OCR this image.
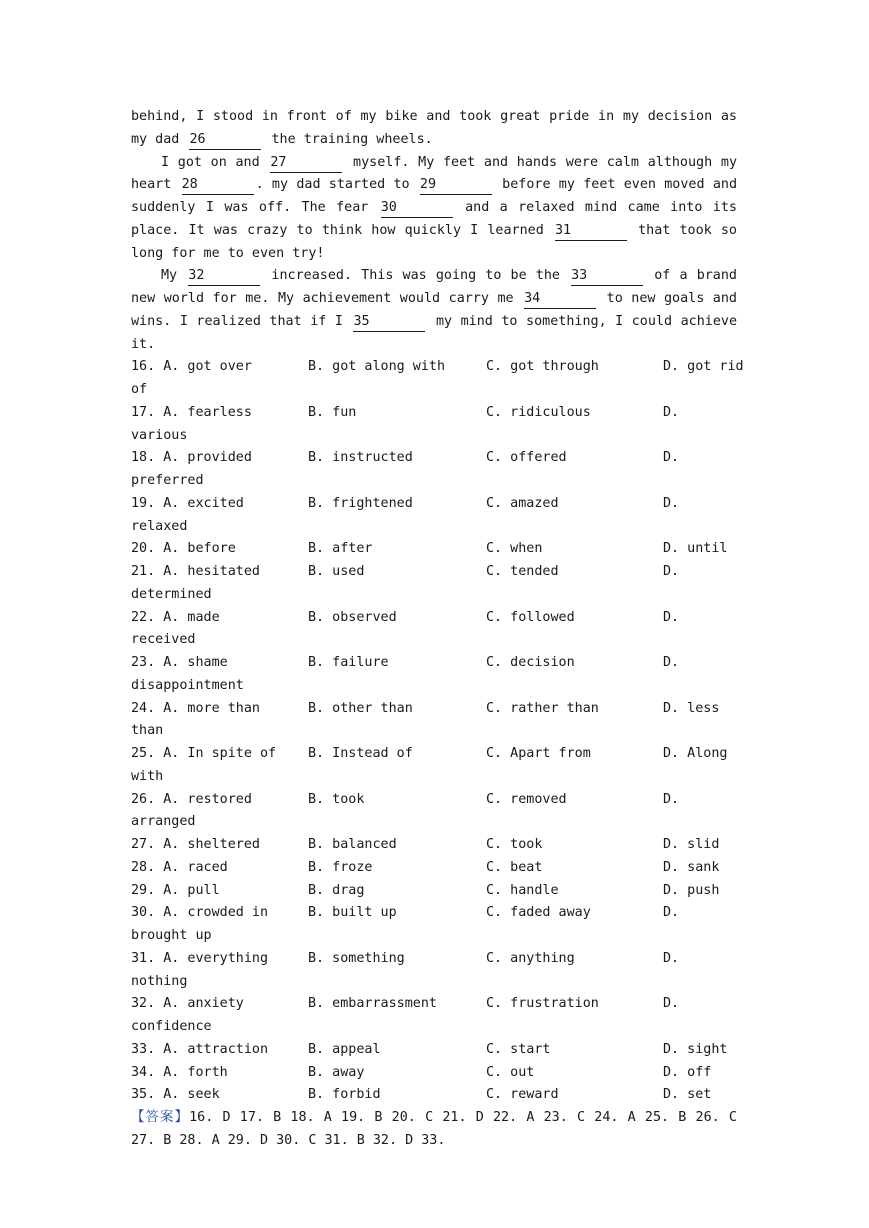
behind, I stood in front of my bike and took great pride in my decision as my dad 26	the training wheels.
I got on and 27	myself. My feet and hands were calm although my heart 28	. my dad started to 29	before my feet even moved and suddenly I was off. The fear 30	and a relaxed mind came into its place. It was crazy to think how quickly I learned 31	that took so long for me to even try!
My 32	increased. This was going to be the 33	of a brand new world for me. My achievement would carry me 34	to new goals and wins. I realized that if I 35	my mind to something, I could achieve it.
16. A. got over	B. got along with	C. got through	D. got rid
of
17. A. fearless	B. fun	C. ridiculous	D.
various
18. A. provided	B. instructed	C. offered	D.
preferred
19. A. excited	B. frightened	C. amazed	D.
relaxed
20. A. before	B. after	C. when	D. until
21. A. hesitated	B. used	C. tended	D.
determined
22. A. made	B. observed	C. followed	D.
received
23. A. shame	B. failure	C. decision	D.
disappointment
24. A. more than	B. other than	C. rather than	D. less
than
25. A. In spite of	B. Instead of	C. Apart from	D. Along
with
26. A. restored	B. took	C. removed	D.
arranged
27. A. sheltered	B. balanced	C. took	D. slid
28. A. raced	B. froze	C. beat	D. sank
29. A. pull	B. drag	C. handle	D. push
30. A. crowded in	B. built up	C. faded away	D.
brought up
31. A. everything	B. something	C. anything	D.
nothing
32. A. anxiety	B. embarrassment	C. frustration	D.
confidence
33. A. attraction	B. appeal	C. start	D. sight
34. A. forth	B. away	C. out	D. off
35. A. seek	B. forbid	C. reward	D. set
【答案】16. D 17. B 18. A 19. B 20. C 21. D 22. A 23. C 24. A 25. B 26. C 27. B 28. A 29. D 30. C 31. B 32. D 33.
